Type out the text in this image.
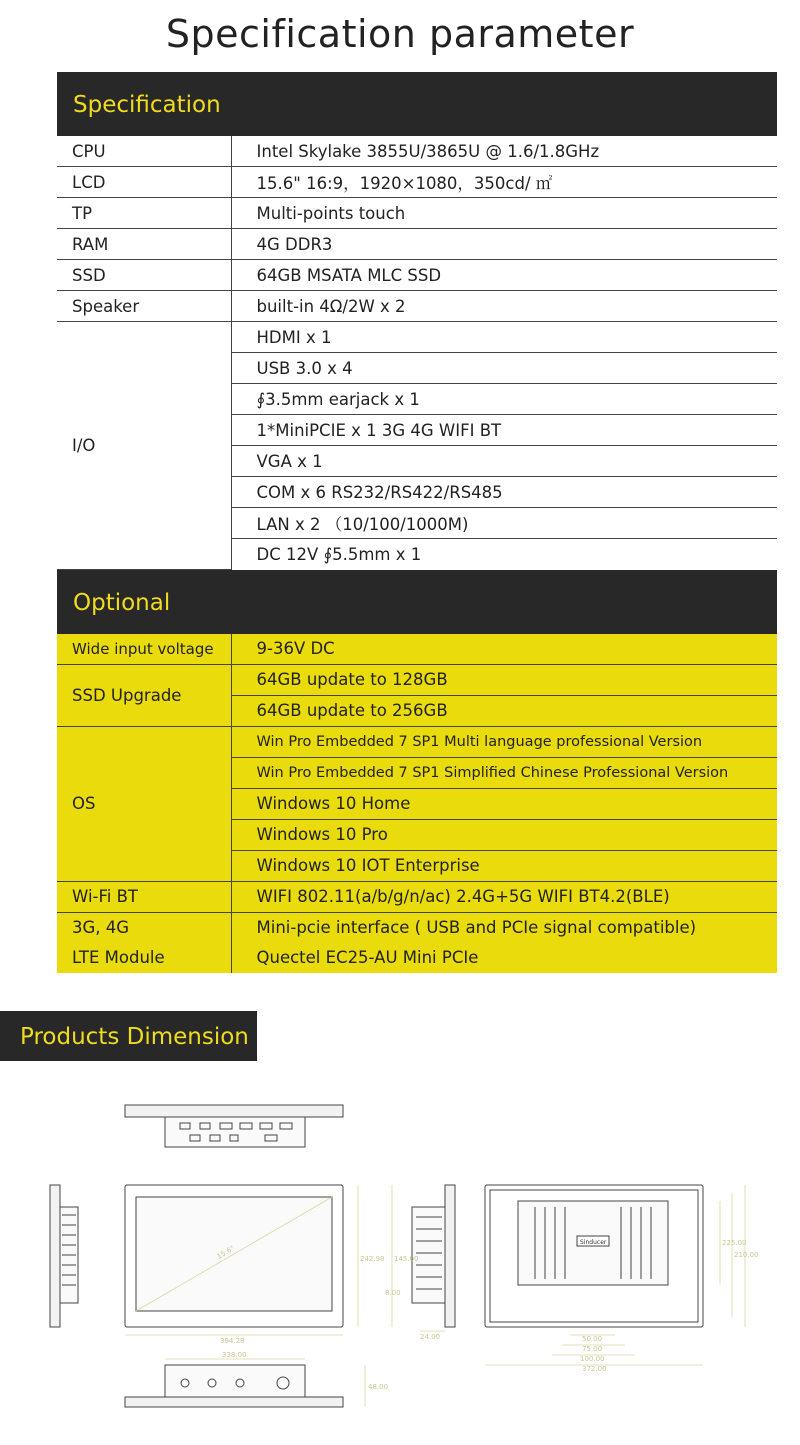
Specification parameter
Specification
CPU	Intel Skylake 3855U/3865U @ 1.6/1.8GHz
LCD	15.6" 16:9，1920×1080，350cd/ ㎡
TP	Multi-points touch
RAM	4G DDR3
SSD	64GB MSATA MLC SSD
Speaker	built-in 4Ω/2W x 2
I/O	HDMI x 1
	USB 3.0 x 4
	∮3.5mm earjack x 1
	1*MiniPCIE x 1 3G 4G WIFI BT
	VGA x 1
	COM x 6 RS232/RS422/RS485
	LAN x 2 （10/100/1000M)
	DC 12V ∮5.5mm x 1
Optional
Wide input voltage	9-36V DC
SSD Upgrade	64GB update to 128GB
	64GB update to 256GB
OS	Win Pro Embedded 7 SP1 Multi language professional Version
	Win Pro Embedded 7 SP1 Simplified Chinese Professional Version
	Windows 10 Home
	Windows 10 Pro
	Windows 10 IOT Enterprise
Wi-Fi BT	WIFI 802.11(a/b/g/n/ac) 2.4G+5G WIFI BT4.2(BLE)
3G, 4G	Mini-pcie interface ( USB and PCIe signal compatible)
LTE Module	Quectel EC25-AU Mini PCIe
Products Dimension
15.6"
394.28
242.98
338.00
48.00
24.00
145.00
8.00
50.00
75.00
100.00
372.00
225.00
210.00
Sinducer
